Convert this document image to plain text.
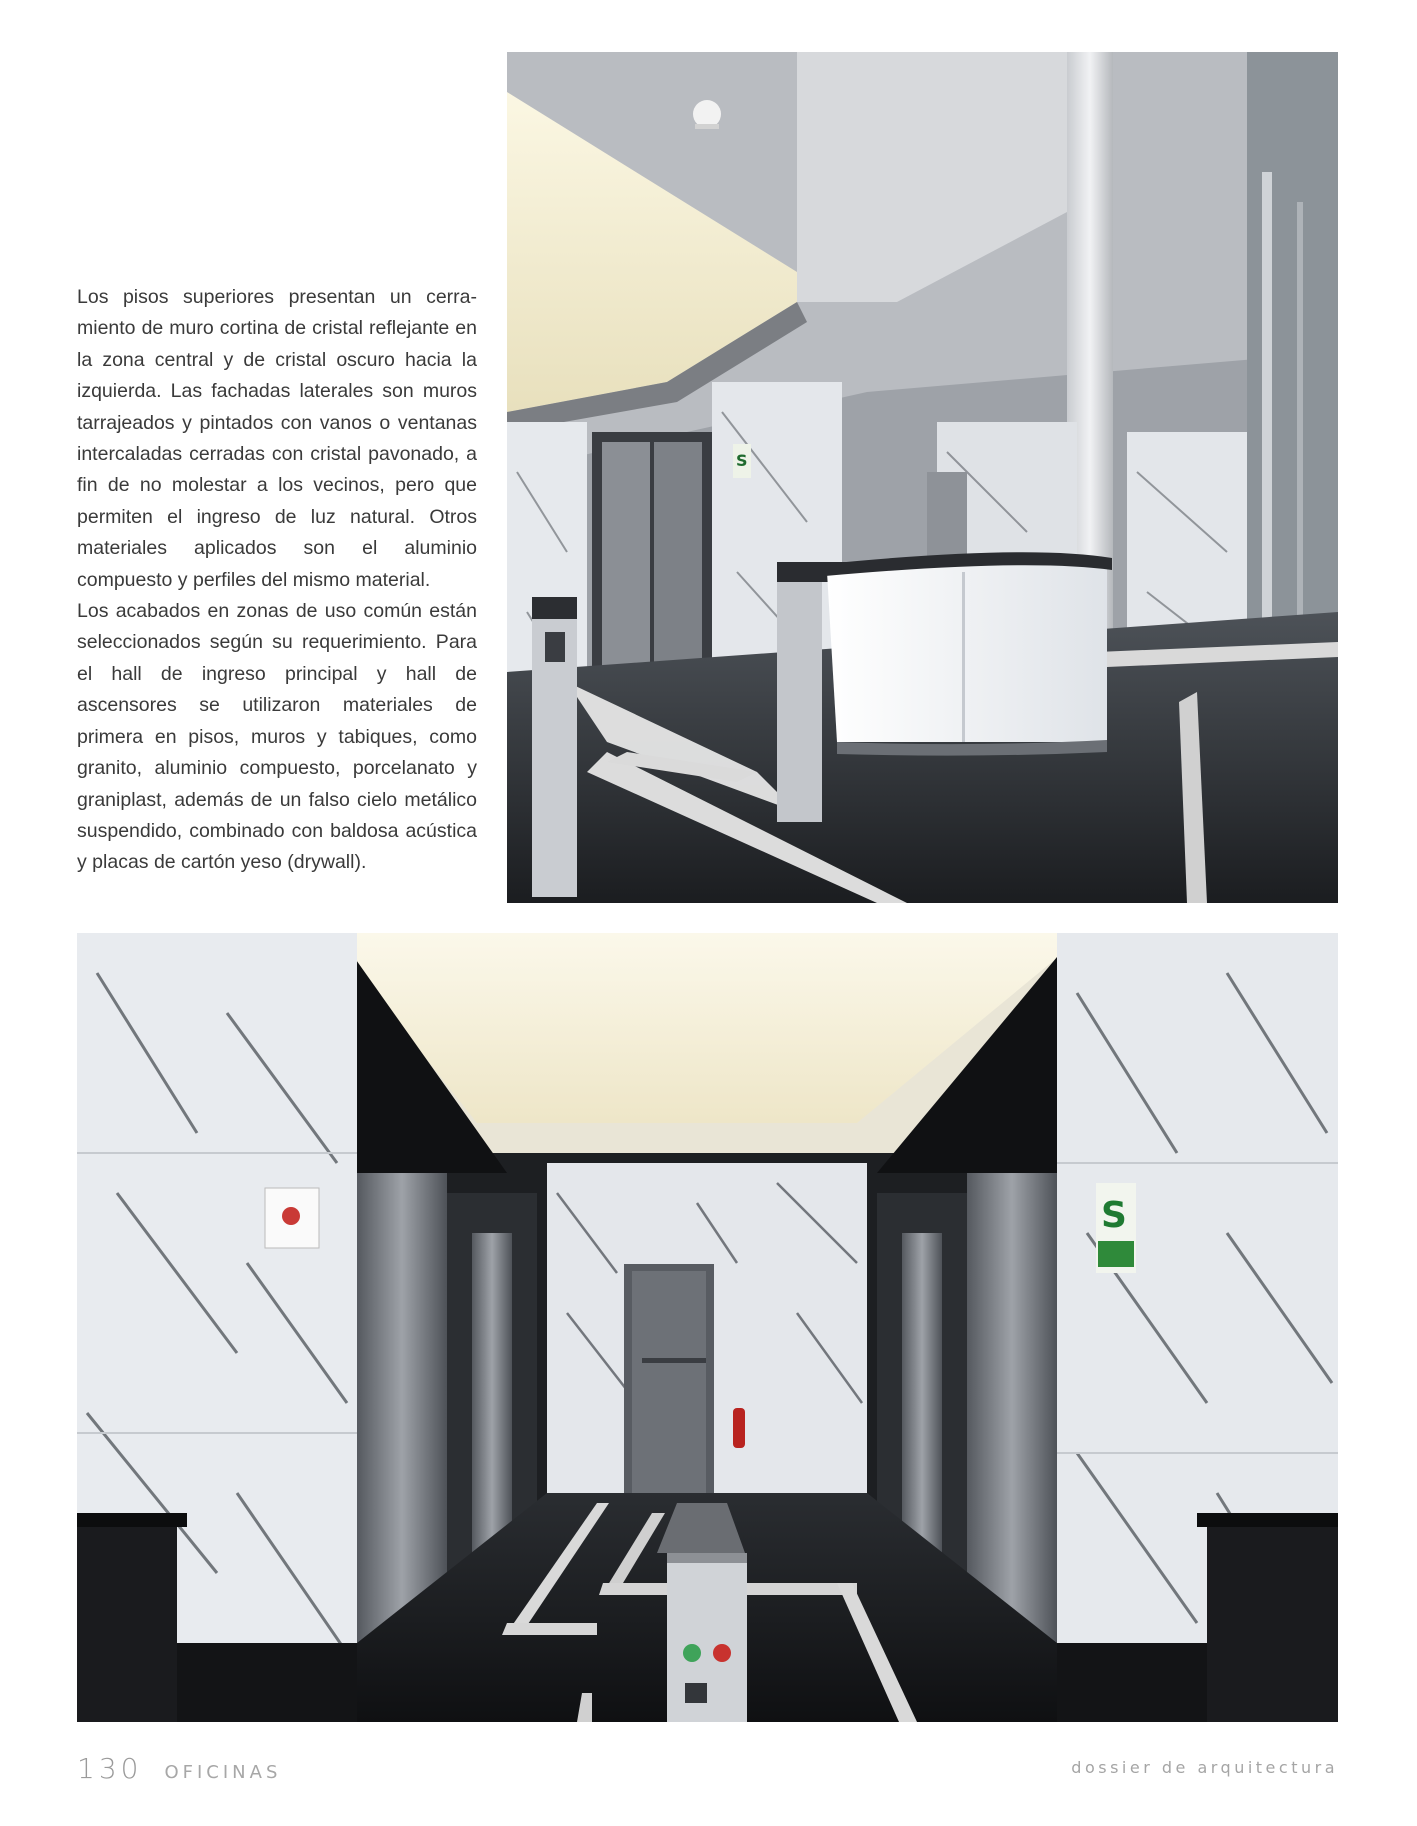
Los pisos superiores presentan un cerramiento de muro cortina de cristal reflejante en la zona central y de cristal oscuro hacia la izquierda. Las fachadas laterales son muros tarrajeados y pintados con vanos o ventanas intercaladas cerradas con cristal pavonado, a fin de no molestar a los vecinos, pero que permiten el ingreso de luz natural. Otros materiales aplicados son el aluminio compuesto y perfiles del mismo material.

Los acabados en zonas de uso común están seleccionados según su requerimiento. Para el hall de ingreso principal y hall de ascensores se utilizaron materiales de primera en pisos, muros y tabiques, como granito, aluminio compuesto, porcelanato y graniplast, además de un falso cielo metálico suspendido, combinado con baldosa acústica y placas de cartón yeso (drywall).

S
S
130 OFICINAS	dossier de arquitectura
